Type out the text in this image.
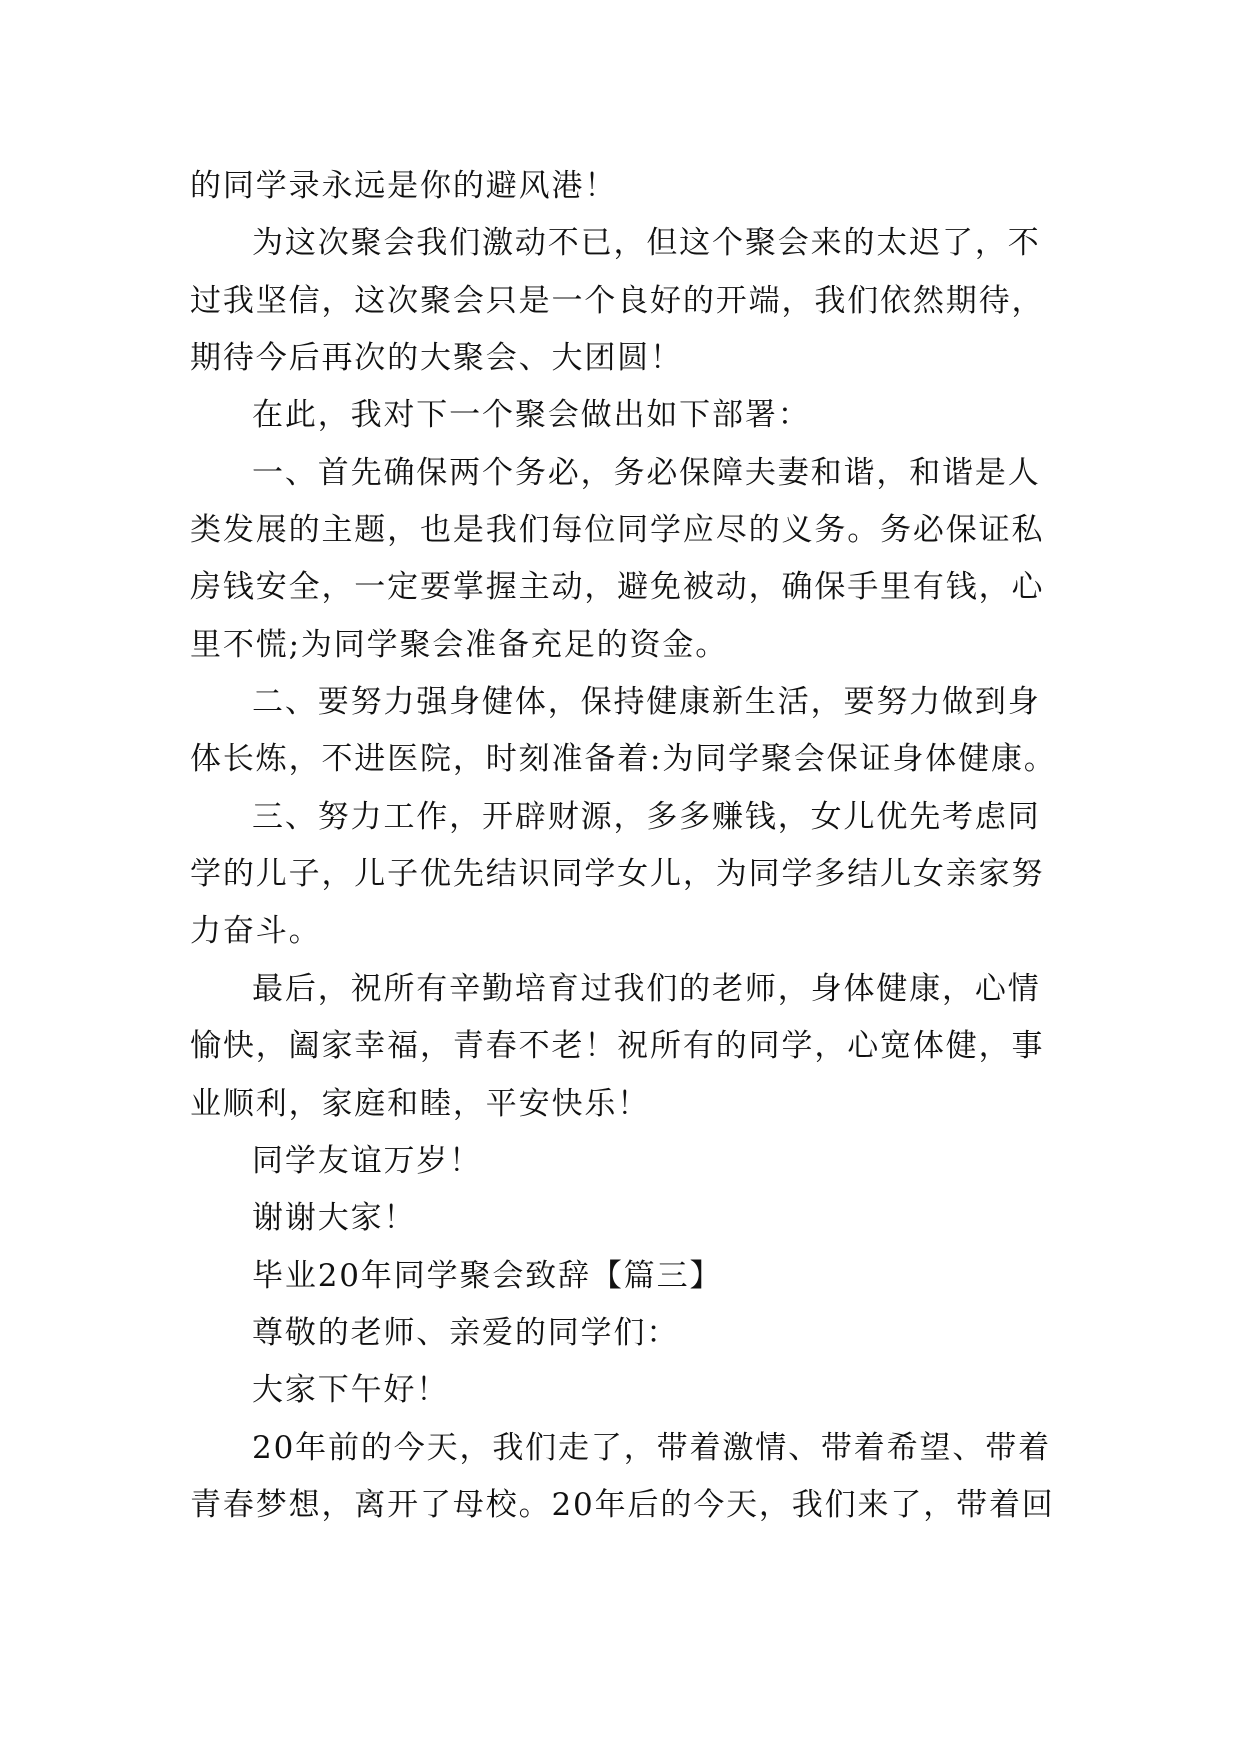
的同学录永远是你的避风港！

为这次聚会我们激动不已，但这个聚会来的太迟了，不过我坚信，这次聚会只是一个良好的开端，我们依然期待，期待今后再次的大聚会、大团圆！

在此，我对下一个聚会做出如下部署：

一、首先确保两个务必，务必保障夫妻和谐，和谐是人类发展的主题，也是我们每位同学应尽的义务。务必保证私房钱安全，一定要掌握主动，避免被动，确保手里有钱，心里不慌;为同学聚会准备充足的资金。

二、要努力强身健体，保持健康新生活，要努力做到身体长炼，不进医院，时刻准备着:为同学聚会保证身体健康。

三、努力工作，开辟财源，多多赚钱，女儿优先考虑同学的儿子，儿子优先结识同学女儿，为同学多结儿女亲家努力奋斗。

最后，祝所有辛勤培育过我们的老师，身体健康，心情愉快，阖家幸福，青春不老！祝所有的同学，心宽体健，事业顺利，家庭和睦，平安快乐！

同学友谊万岁！

谢谢大家！

毕业20年同学聚会致辞【篇三】

尊敬的老师、亲爱的同学们：

大家下午好！

20年前的今天，我们走了，带着激情、带着希望、带着青春梦想，离开了母校。20年后的今天，我们来了，带着回
